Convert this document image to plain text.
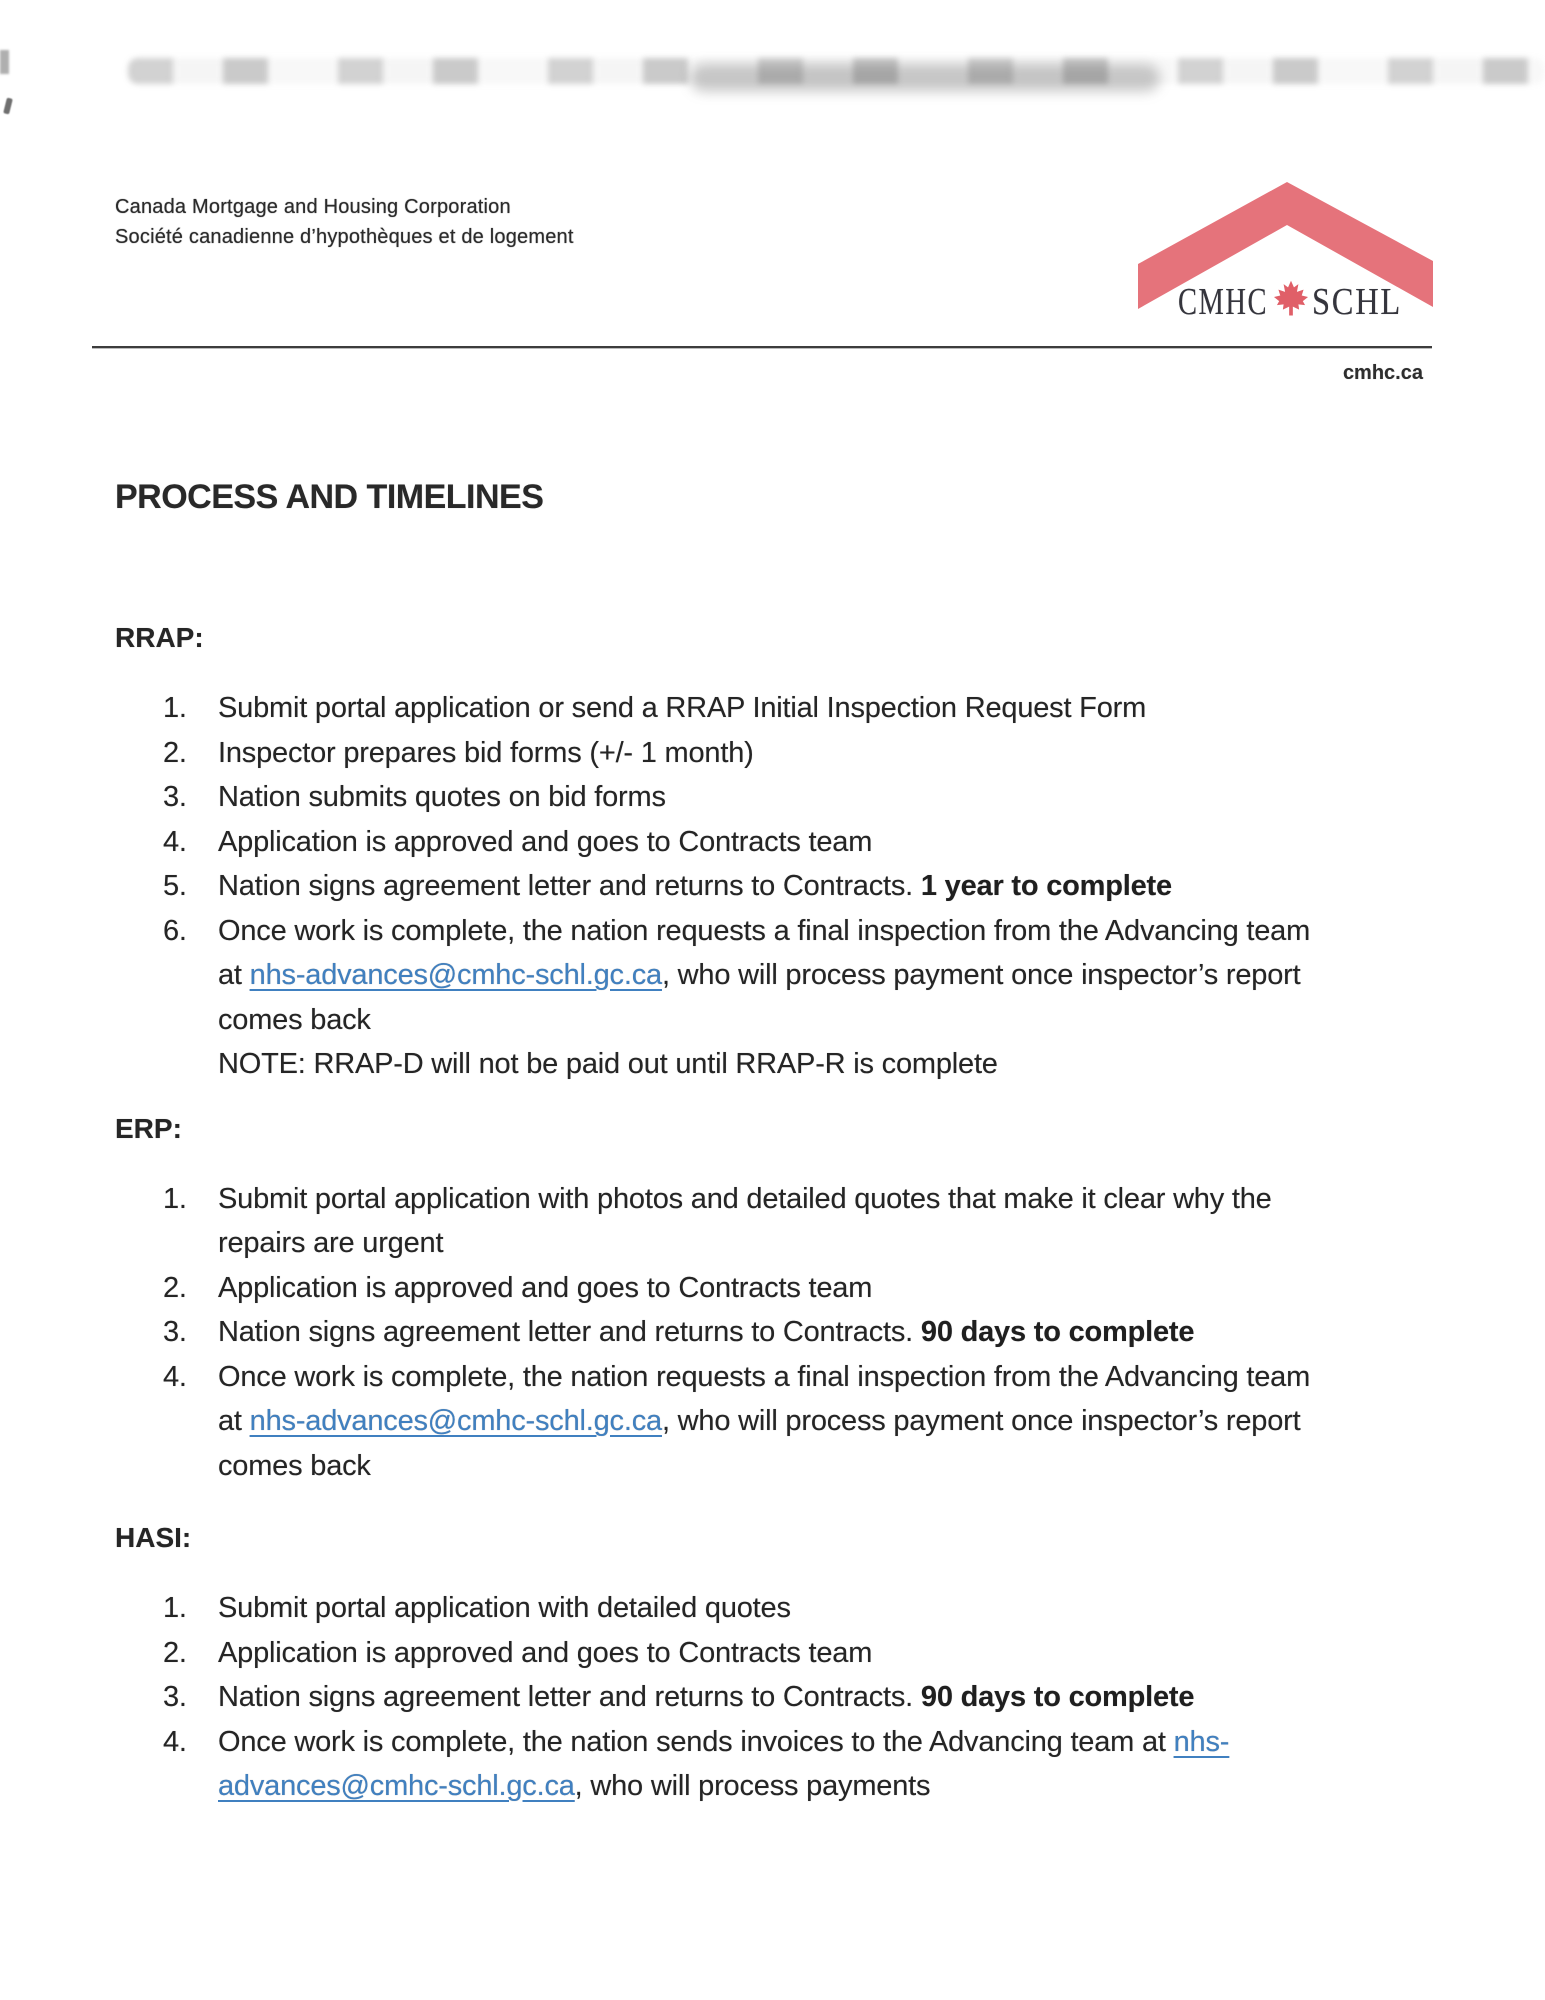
Canada Mortgage and Housing Corporation
Société canadienne d’hypothèques et de logement
CMHC SCHL
cmhc.ca
PROCESS AND TIMELINES
RRAP:
1. Submit portal application or send a RRAP Initial Inspection Request Form
2. Inspector prepares bid forms (+/- 1 month)
3. Nation submits quotes on bid forms
4. Application is approved and goes to Contracts team
5. Nation signs agreement letter and returns to Contracts. 1 year to complete
6. Once work is complete, the nation requests a final inspection from the Advancing team
at nhs-advances@cmhc-schl.gc.ca, who will process payment once inspector’s report
comes back
NOTE: RRAP-D will not be paid out until RRAP-R is complete
ERP:
1. Submit portal application with photos and detailed quotes that make it clear why the
repairs are urgent
2. Application is approved and goes to Contracts team
3. Nation signs agreement letter and returns to Contracts. 90 days to complete
4. Once work is complete, the nation requests a final inspection from the Advancing team
at nhs-advances@cmhc-schl.gc.ca, who will process payment once inspector’s report
comes back
HASI:
1. Submit portal application with detailed quotes
2. Application is approved and goes to Contracts team
3. Nation signs agreement letter and returns to Contracts. 90 days to complete
4. Once work is complete, the nation sends invoices to the Advancing team at nhs-
advances@cmhc-schl.gc.ca, who will process payments
